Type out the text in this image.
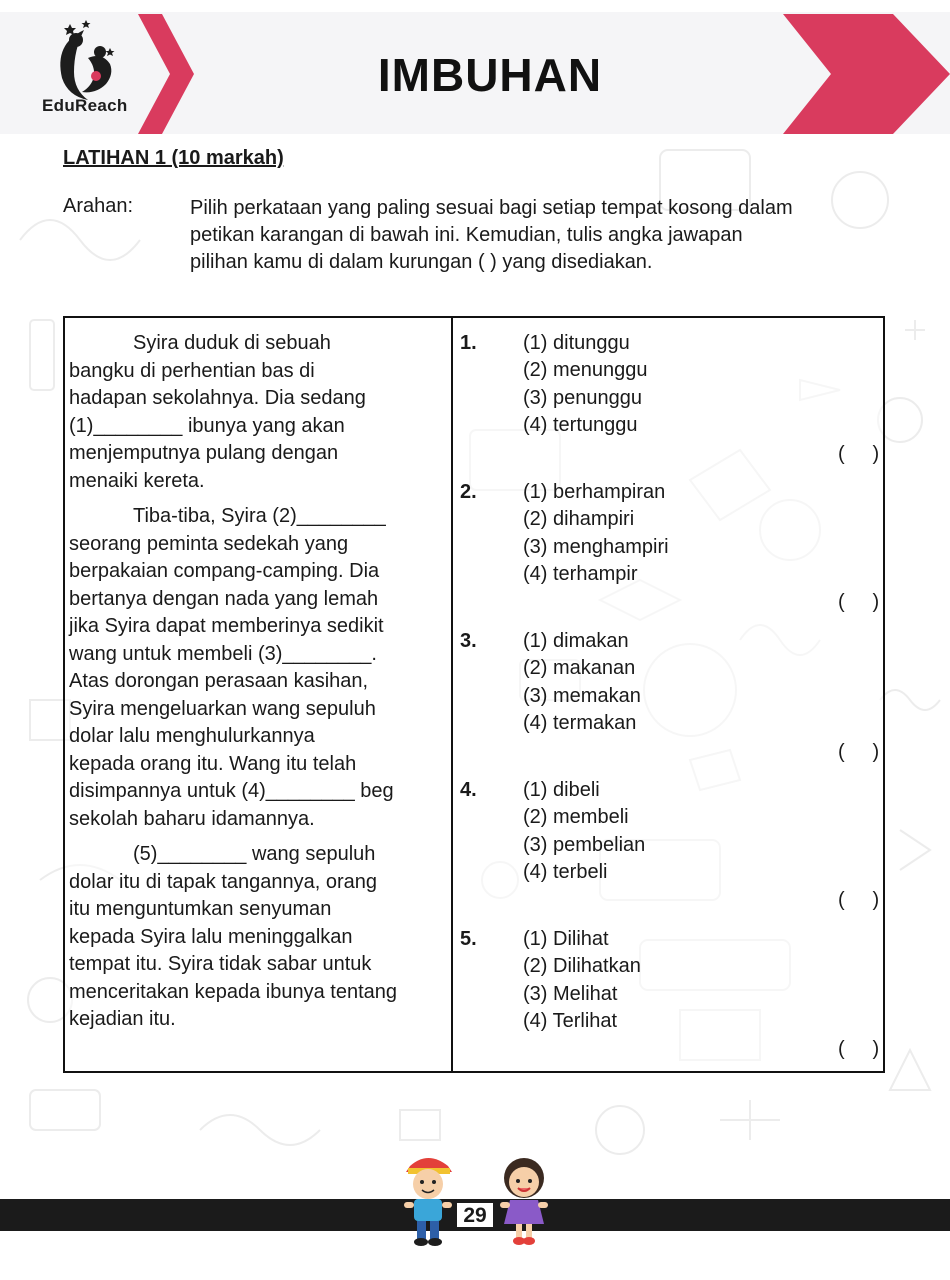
EduReach
IMBUHAN
LATIHAN 1 (10 markah)
Arahan:	Pilih perkataan yang paling sesuai bagi setiap tempat kosong dalam
petikan karangan di bawah ini. Kemudian, tulis angka jawapan
pilihan kamu di dalam kurungan ( ) yang disediakan.
Syira duduk di sebuah
bangku di perhentian bas di
hadapan sekolahnya. Dia sedang
(1)________ ibunya yang akan
menjemputnya pulang dengan
menaiki kereta.
Tiba-tiba, Syira (2)________
seorang peminta sedekah yang
berpakaian compang-camping. Dia
bertanya dengan nada yang lemah
jika Syira dapat memberinya sedikit
wang untuk membeli (3)________.
Atas dorongan perasaan kasihan,
Syira mengeluarkan wang sepuluh
dolar lalu menghulurkannya
kepada orang itu. Wang itu telah
disimpannya untuk (4)________ beg
sekolah baharu idamannya.
(5)________ wang sepuluh
dolar itu di tapak tangannya, orang
itu menguntumkan senyuman
kepada Syira lalu meninggalkan
tempat itu. Syira tidak sabar untuk
menceritakan kepada ibunya tentang
kejadian itu.
1. (1) ditunggu
(2) menunggu
(3) penunggu
(4) tertunggu
(     )
2. (1) berhampiran
(2) dihampiri
(3) menghampiri
(4) terhampir
(     )
3. (1) dimakan
(2) makanan
(3) memakan
(4) termakan
(     )
4. (1) dibeli
(2) membeli
(3) pembelian
(4) terbeli
(     )
5. (1) Dilihat
(2) Dilihatkan
(3) Melihat
(4) Terlihat
(     )
29
